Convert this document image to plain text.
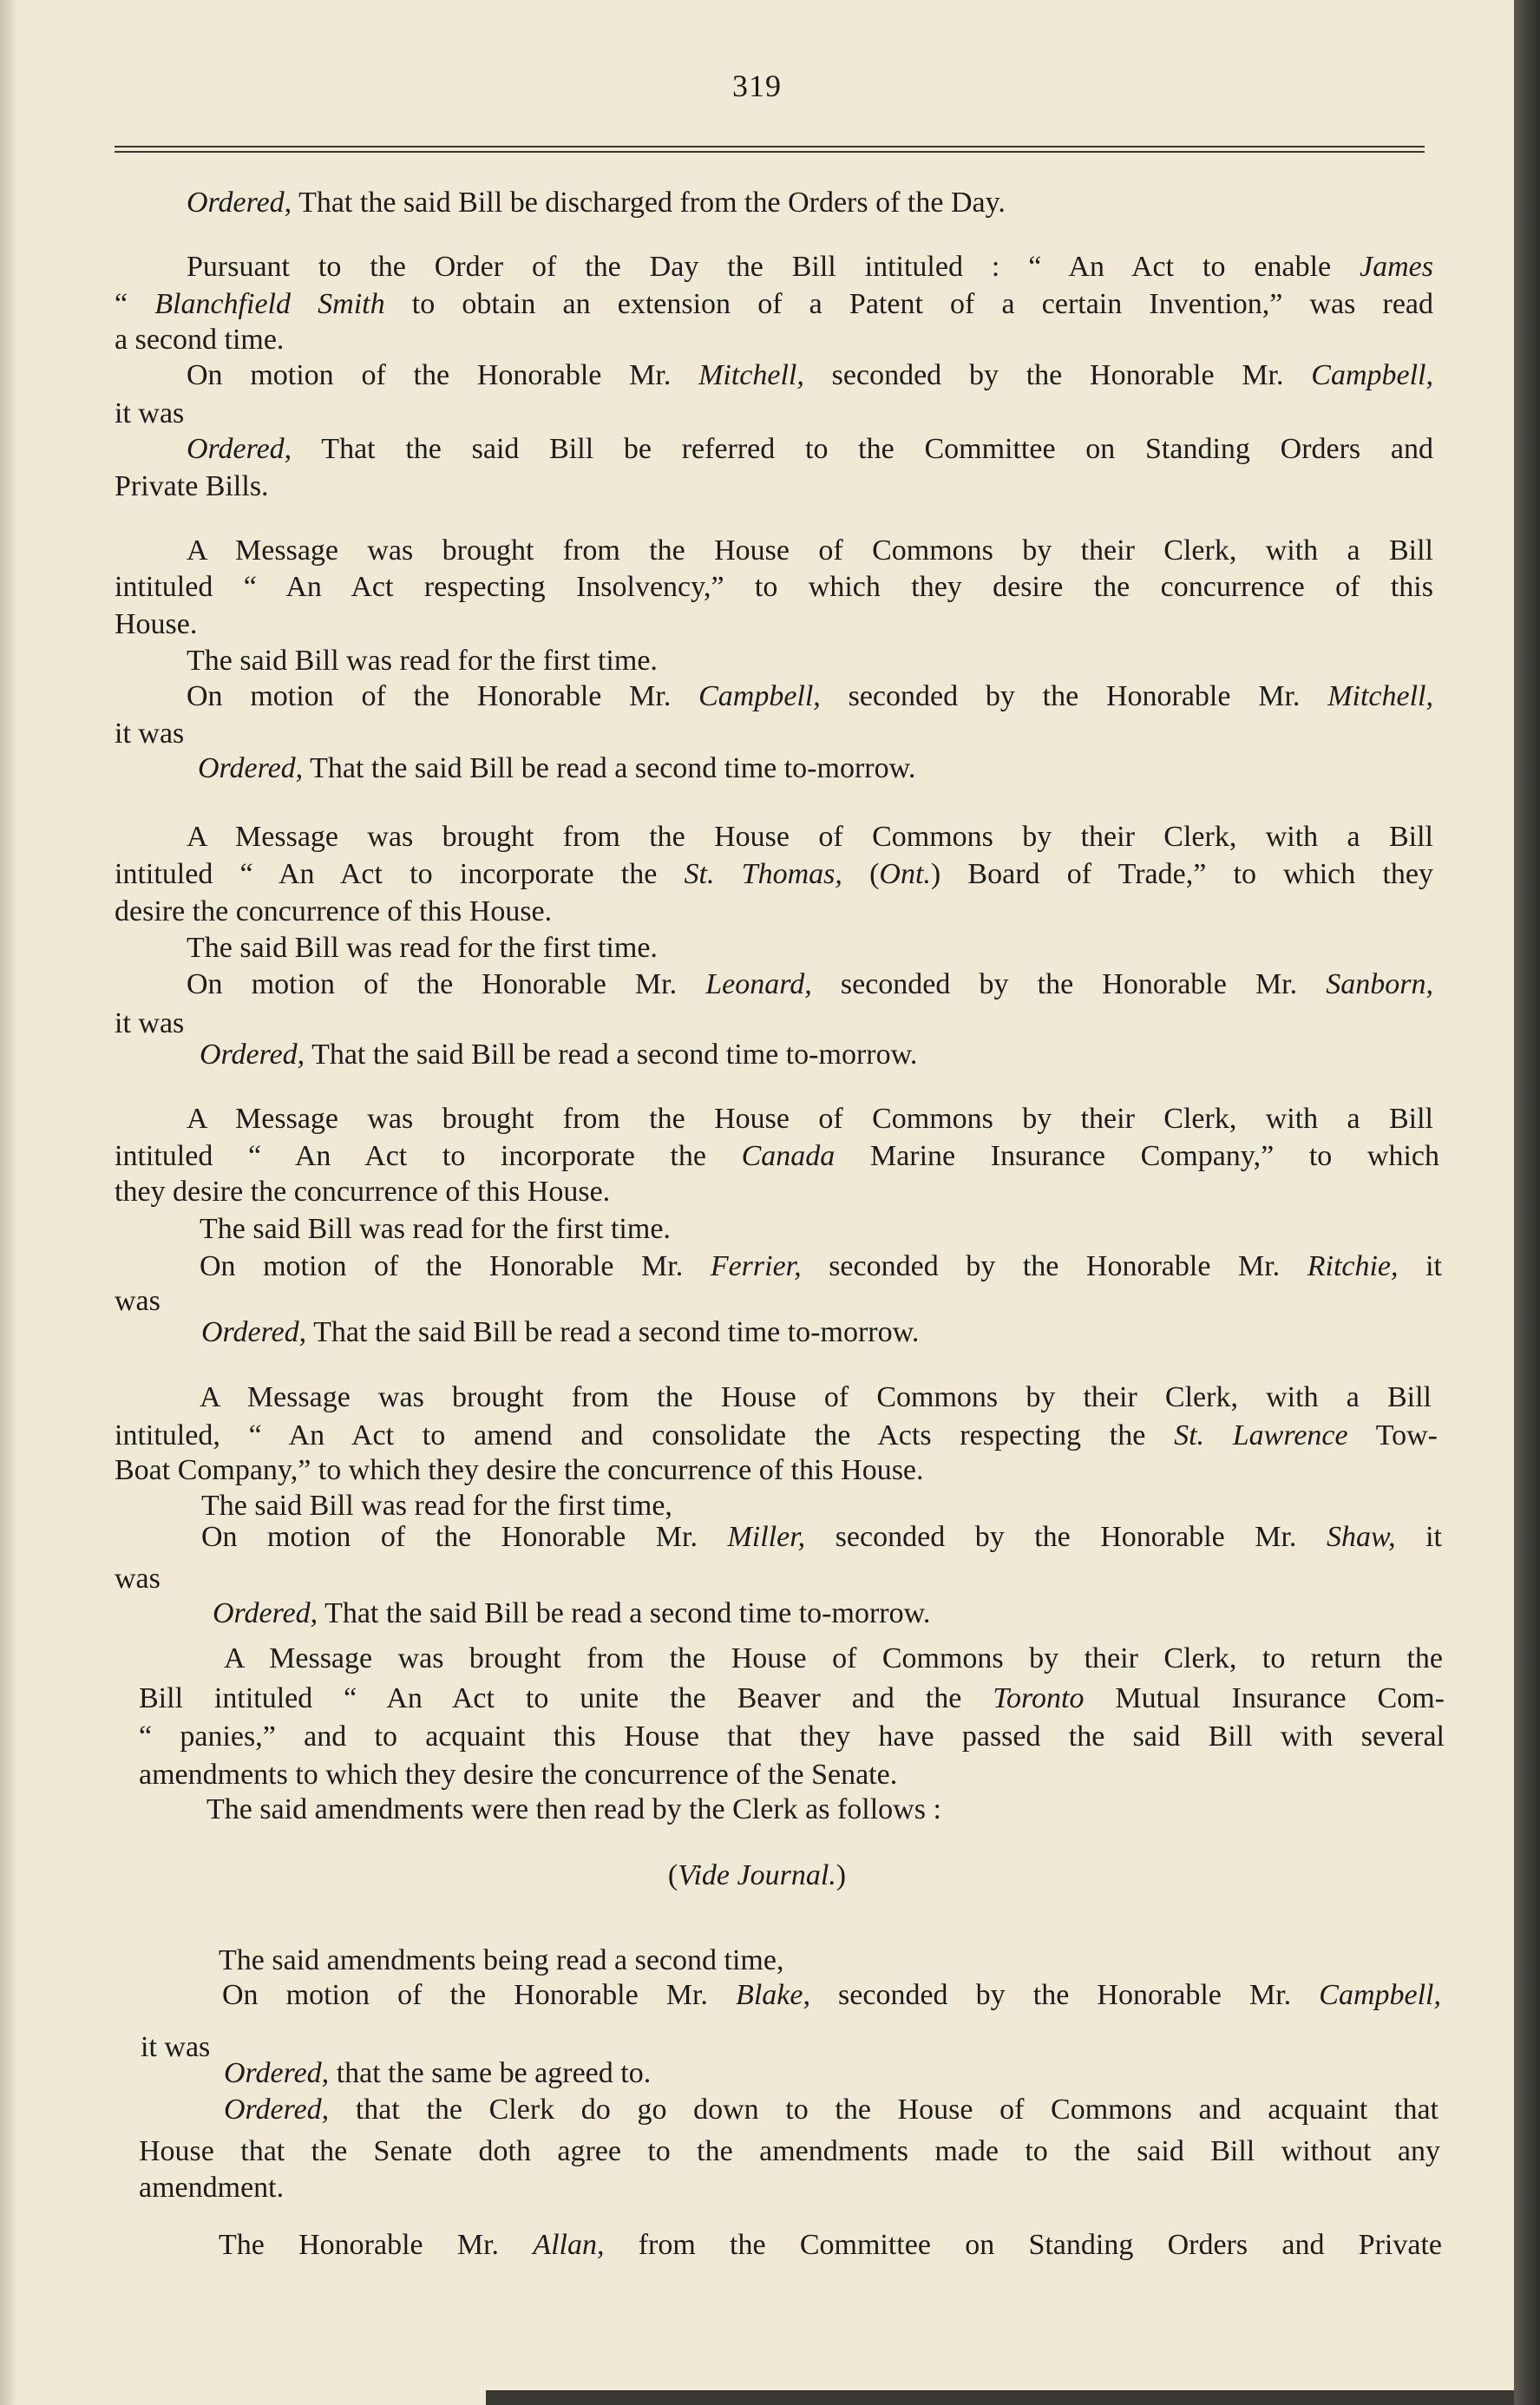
319
Ordered, That the said Bill be discharged from the Orders of the Day.
Pursuant to the Order of the Day the Bill intituled : “ An Act to enable James
“ Blanchfield Smith to obtain an extension of a Patent of a certain Invention,” was read
a second time.
On motion of the Honorable Mr. Mitchell, seconded by the Honorable Mr. Campbell,
it was
Ordered, That the said Bill be referred to the Committee on Standing Orders and
Private Bills.
A Message was brought from the House of Commons by their Clerk, with a Bill
intituled “ An Act respecting Insolvency,” to which they desire the concurrence of this
House.
The said Bill was read for the first time.
On motion of the Honorable Mr. Campbell, seconded by the Honorable Mr. Mitchell,
it was
Ordered, That the said Bill be read a second time to-morrow.
A Message was brought from the House of Commons by their Clerk, with a Bill
intituled “ An Act to incorporate the St. Thomas, (Ont.) Board of Trade,” to which they
desire the concurrence of this House.
The said Bill was read for the first time.
On motion of the Honorable Mr. Leonard, seconded by the Honorable Mr. Sanborn,
it was
Ordered, That the said Bill be read a second time to-morrow.
A Message was brought from the House of Commons by their Clerk, with a Bill
intituled “ An Act to incorporate the Canada Marine Insurance Company,” to which
they desire the concurrence of this House.
The said Bill was read for the first time.
On motion of the Honorable Mr. Ferrier, seconded by the Honorable Mr. Ritchie, it
was
Ordered, That the said Bill be read a second time to-morrow.
A Message was brought from the House of Commons by their Clerk, with a Bill
intituled, “ An Act to amend and consolidate the Acts respecting the St. Lawrence Tow-
Boat Company,” to which they desire the concurrence of this House.
The said Bill was read for the first time,
On motion of the Honorable Mr. Miller, seconded by the Honorable Mr. Shaw, it
was
Ordered, That the said Bill be read a second time to-morrow.
A Message was brought from the House of Commons by their Clerk, to return the
Bill intituled “ An Act to unite the Beaver and the Toronto Mutual Insurance Com-
“ panies,” and to acquaint this House that they have passed the said Bill with several
amendments to which they desire the concurrence of the Senate.
The said amendments were then read by the Clerk as follows :
(Vide Journal.)
The said amendments being read a second time,
On motion of the Honorable Mr. Blake, seconded by the Honorable Mr. Campbell,
it was
Ordered, that the same be agreed to.
Ordered, that the Clerk do go down to the House of Commons and acquaint that
House that the Senate doth agree to the amendments made to the said Bill without any
amendment.
The Honorable Mr. Allan, from the Committee on Standing Orders and Private
